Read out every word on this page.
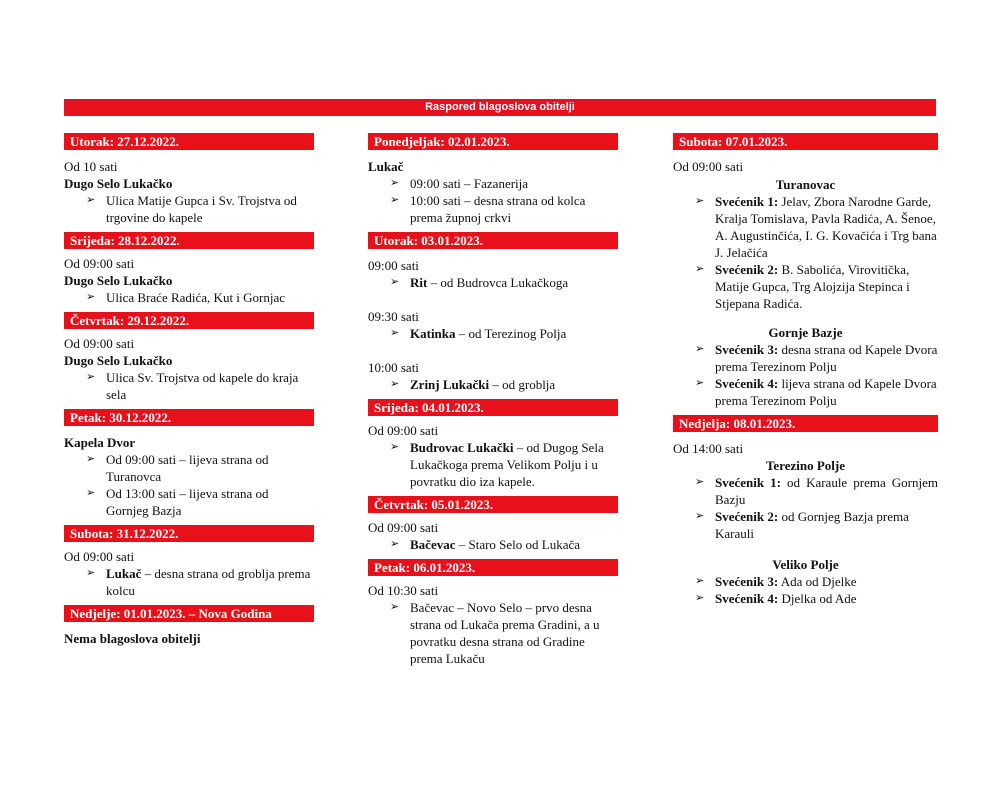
Raspored blagoslova obitelji
Utorak: 27.12.2022.

Od 10 sati

Dugo Selo Lukačko

➢ Ulica Matije Gupca i Sv. Trojstva od trgovine do kapele
Srijeda: 28.12.2022.

Od 09:00 sati

Dugo Selo Lukačko

➢ Ulica Braće Radića, Kut i Gornjac
Četvrtak: 29.12.2022.

Od 09:00 sati

Dugo Selo Lukačko

➢ Ulica Sv. Trojstva od kapele do kraja sela
Petak: 30.12.2022.

Kapela Dvor

➢ Od 09:00 sati – lijeva strana od Turanovca
➢ Od 13:00 sati – lijeva strana od Gornjeg Bazja
Subota: 31.12.2022.

Od 09:00 sati

➢ Lukač – desna strana od groblja prema kolcu
Nedjelje: 01.01.2023. – Nova Godina

Nema blagoslova obitelji

Ponedjeljak: 02.01.2023.

Lukač

➢ 09:00 sati – Fazanerija
➢ 10:00 sati – desna strana od kolca prema župnoj crkvi
Utorak: 03.01.2023.

09:00 sati

➢ Rit – od Budrovca Lukačkoga

09:30 sati

➢ Katinka – od Terezinog Polja

10:00 sati

➢ Zrinj Lukački – od groblja
Srijeda: 04.01.2023.

Od 09:00 sati

➢ Budrovac Lukački – od Dugog Sela Lukačkoga prema Velikom Polju i u povratku dio iza kapele.
Četvrtak: 05.01.2023.

Od 09:00 sati

➢ Bačevac – Staro Selo od Lukača
Petak: 06.01.2023.

Od 10:30 sati

➢ Bačevac – Novo Selo – prvo desna strana od Lukača prema Gradini, a u povratku desna strana od Gradine prema Lukaču
Subota: 07.01.2023.

Od 09:00 sati

Turanovac

➢ Svećenik 1: Jelav, Zbora Narodne Garde, Kralja Tomislava, Pavla Radića, A. Šenoe, A. Augustinčića, I. G. Kovačića i Trg bana J. Jelačića
➢ Svećenik 2: B. Sabolića, Virovitička, Matije Gupca, Trg Alojzija Stepinca i Stjepana Radića.

Gornje Bazje

➢ Svećenik 3: desna strana od Kapele Dvora prema Terezinom Polju
➢ Svećenik 4: lijeva strana od Kapele Dvora prema Terezinom Polju
Nedjelja: 08.01.2023.

Od 14:00 sati

Terezino Polje

➢ Svećenik 1: od Karaule prema Gornjem Bazju
➢ Svećenik 2: od Gornjeg Bazja prema Karauli

Veliko Polje

➢ Svećenik 3: Ada od Djelke
➢ Svećenik 4: Djelka od Ade
